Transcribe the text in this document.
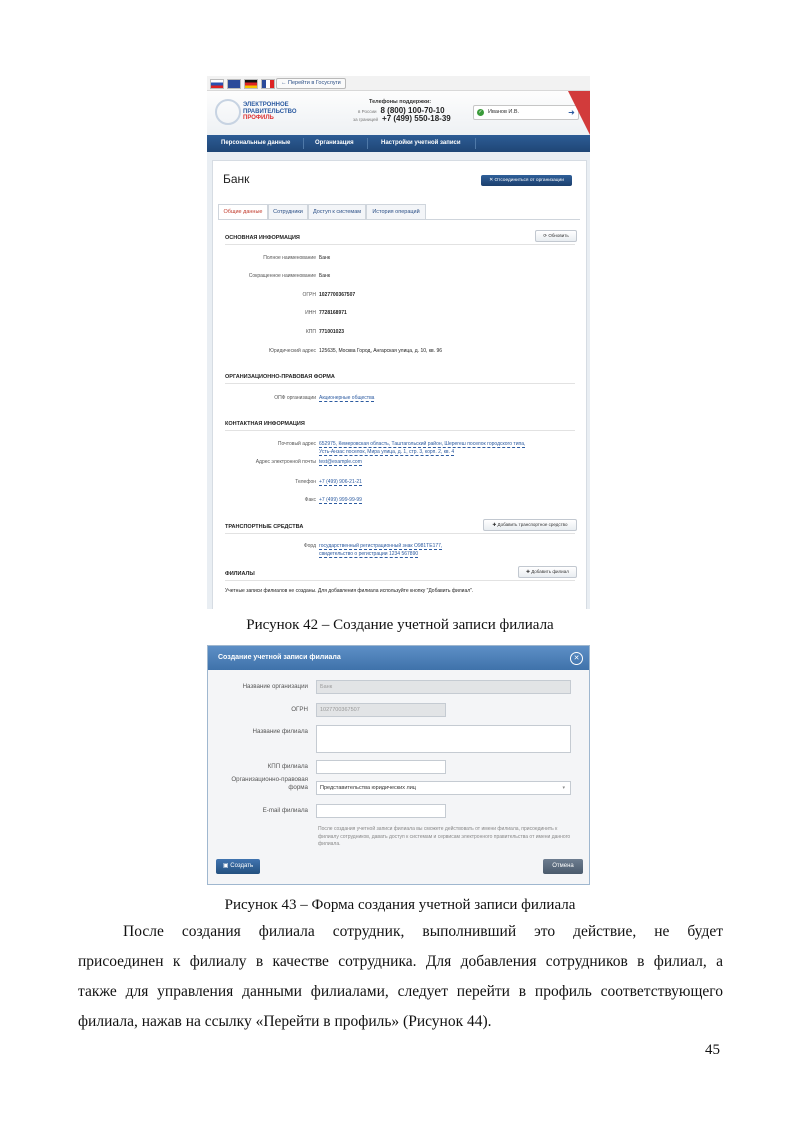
← Перейти в Госуслуги
ЭЛЕКТРОННОЕ
ПРАВИТЕЛЬСТВО
ПРОФИЛЬ
Телефоны поддержки:
в России 8 (800) 100-70-10
за границей +7 (499) 550-18-39
✓ Иванов И.В.	➜
Персональные данные	Организация	Настройки учетной записи
Банк	✕ Отсоединиться от организации
Общие данные	Сотрудники	Доступ к системам	История операций
ОСНОВНАЯ ИНФОРМАЦИЯ	⟳ Обновить
Полное наименование Банк
Сокращенное наименование Банк
ОГРН 1027700367507
ИНН 7728168971
КПП 771001023
Юридический адрес 125635, Москва Город, Ангарская улица, д. 10, кв. 96
ОРГАНИЗАЦИОННО-ПРАВОВАЯ ФОРМА
ОПФ организации Акционерные общества
КОНТАКТНАЯ ИНФОРМАЦИЯ
Почтовый адрес 652975, Кемеровская область, Таштагольский район, Шерегеш поселок городского типа,
Усть-Анзас поселок, Мира улица, д. 1, стр. 3, корп. 2, кв. 4
Адрес электронной почты test@example.com
Телефон +7 (499) 906-21-21
Факс +7 (499) 999-99-99
ТРАНСПОРТНЫЕ СРЕДСТВА	✚ Добавить транспортное средство
Форд государственный регистрационный знак О981ТЕ177,
свидетельство о регистрации 1234 567890
ФИЛИАЛЫ	✚ Добавить филиал
Учетные записи филиалов не созданы. Для добавления филиала используйте кнопку "Добавить филиал".
Рисунок 42 – Создание учетной записи филиала
Создание учетной записи филиала	✕
Название организации	Банк
ОГРН	1027700367507
Название филиала
КПП филиала
Организационно-правовая
форма	Представительства юридических лиц	▾
E-mail филиала
После создания учетной записи филиала вы сможете действовать от имени филиала, присоединить к филиалу сотрудников, давать доступ к системам и сервисам электронного правительства от имени данного филиала.
▣ Создать	Отмена
Рисунок 43 – Форма создания учетной записи филиала
После создания филиала сотрудник, выполнивший это действие, не будет
присоединен к филиалу в качестве сотрудника. Для добавления сотрудников в филиал, а
также для управления данными филиалами, следует перейти в профиль соответствующего
филиала, нажав на ссылку «Перейти в профиль» (Рисунок 44).
45
